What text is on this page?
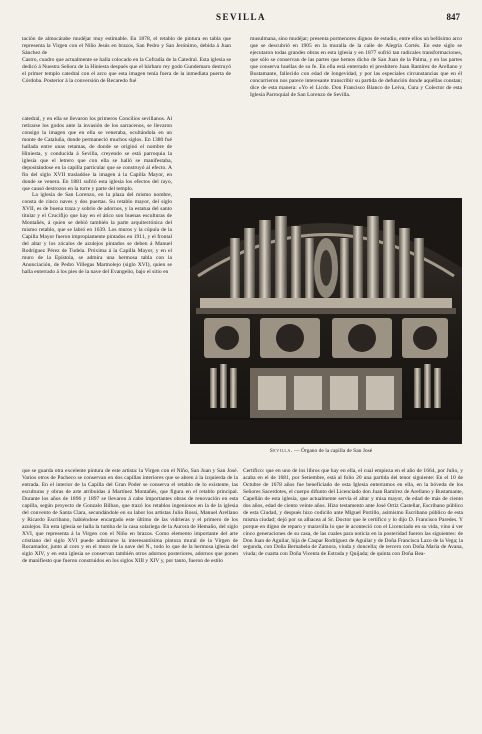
SEVILLA	847

tación de almocárabe mudéjar muy estimable. En 1878, el retablo de pintura en tabla que representa la Virgen con el Niño Jesús en brazos, San Pedro y San Jerónimo, debida á Juan Sánchez de

Castro, cuadro que actualmente se halla colocado en la Cofradía de la Catedral. Esta iglesia se dedicó á Nuestra Señora de la Hiniesta después que el bárbaro rey godo Gundemaro destruyó el primer templo catedral con el arco que esta imagen tenía fuera de la inmediata puerta de Córdoba. Posterior á la conversión de Recaredo fué

catedral, y en ella se llevaron los primeros Concilios sevillanos. Al retirarse los godos ante la invasión de los sarracenos, se llevaron consigo la imagen que en ella se veneraba, ocultándola en un monte de Cataluña, donde permaneció muchos siglos. En 1380 fué hallada entre unas retamas, de donde se originó el nombre de Hiniesta, y conducida á Sevilla, creyendo se está parroquia la iglesia que el letrero que con ella se halló se manifestaba, depositándose en la capilla particular que se construyó al efecto. A fin del siglo XVII trasladóse la imagen á la Capilla Mayor, en donde se venera. En 1881 sufrió esta iglesia los efectos del rayo, que causó destrozos en la torre y parte del templo.

La iglesia de San Lorenzo, en la plaza del mismo nombre, consta de cinco naves y dos puertas. Su retablo mayor, del siglo XVII, es de buena traza y sobrio de adornos, y la estatua del santo titular y el Crucifijo que hay en el ático son buenas esculturas de Montañés, á quien se debió también la parte arquitectónica del mismo retablo, que se labró en 1639. Los muros y la cúpula de la Capilla Mayor fueron impropiamente pintados en 1911, y el frontal del altar y los zócalos de azulejos pintados se deben á Manuel Rodríguez Pérez de Tudela. Próxima á la Capilla Mayor, y en el muro de la Epístola, se admira una hermosa tabla con la Anunciación, de Pedro Villegas Marmolejo (siglo XVI), quien se halla enterrado á los pies de la nave del Evangelio, bajo el sitio en

musulmana, sino mudéjar; presenta pormenores dignos de estudio, entre ellos un bellísimo arco que se descubrió en 1905 en la muralla de la calle de Alegría Cortés. En este siglo se ejecutaron todas grandes obras en esta iglesia y en 1877 sufrió tan radicales transformaciones, que sólo se conservan de las partes que hemos dicho de San Juan de la Palma, y en las partes que conserva huellas de su fe. En ella está enterrado el presbítero Juan Ramírez de Arellano y Bustamante, fallecido con edad de longevidad, y por las especiales circunstancias que en él concurrieron nos parece interesante transcribir su partida de defunción donde aquéllas constan; dice de esta manera: «Yo el Licdo. Don Francisco Blanco de Leiva, Cura y Colector de esta Iglesia Parroquial de San Lorenzo de Sevilla.

Sevilla. — Órgano de la capilla de San José

que se guarda otra excelente pintura de este artista: la Virgen con el Niño, San Juan y San José. Varios otros de Pacheco se conservan en dos capillas interiores que se abren á la izquierda de la entrada. En el interior de la Capilla del Gran Poder se conserva el retablo de lo existente, las esculturas y obras de arte atribuidas á Martínez Montañés, que figura en el retablo principal. Durante los años de 1896 y 1897 se llevaron á cabo importantes obras de renovación en esta capilla, según proyecto de Gonzalo Bilbao, que trazó los retablos ingeniosos en la de la iglesia del convento de Santa Clara, secundándole en su labor los artistas Julio Rossi, Manuel Arellano y Ricardo Escribano, habiéndose encargado este último de las vidrieras y el primero de los azulejos. En esta iglesia se halla la tumba de la casa solariega de la Aurora de Hemaño, del siglo XVI, que representa á la Virgen con el Niño en brazos. Como elemento importante del arte cristiano del siglo XVI puede admirarse la interesantísima pintura mural de la Virgen de Rocamador, junto al coro y en el muro de la nave del N., todo lo que de la hermosa iglesia del siglo XIV, y en esta iglesia se conservan también otros adornos posteriores, adornos que ponen de manifiesto que fueron construidos en los siglos XIII y XIV y, por tanto, fueron de estilo

Certifico: que en uno de los libros que hay en ella, el cual empieza en el año de 1664, por Julio, y acaba en el de 1681, por Setiembre, está al folio 20 una partida del tenor siguiente: En el 10 de Octubre de 1678 años fue beneficiado de esta Iglesia enterramos en ella, en la bóveda de los Señores Sacerdotes, el cuerpo difunto del Licenciado don Juan Ramírez de Arellano y Bustamante, Capellán de esta iglesia, que actualmente servía el altar y misa mayor, de edad de más de ciento dos años, edad de ciento veinte años. Hizo testamento ante José Ortiz Castellar, Escribano público de esta Ciudad, y después hizo codicilo ante Miguel Portillo, asimismo Escribano público de esta misma ciudad; dejó por su albacea al Sr. Doctor que le certifico y lo dijo D. Francisco Paredes. Y porque en digno de reparo y maravilla lo que le aconteció con el Licenciado en su vida, vino á ver cinco generaciones de su casa, de las cuales para noticia en la posteridad fueron las siguientes: de Don Juan de Aguilar, hija de Caspar Rodríguez de Aguilar y de Doña Francisca Lazo de la Vega; la segunda, con Doña Bernabela de Zamora, viuda y doncella; de tercero con Doña María de Avana, viuda; de cuarta con Doña Vicenta de Estrada y Quijada; de quinta con Doña Bea-
